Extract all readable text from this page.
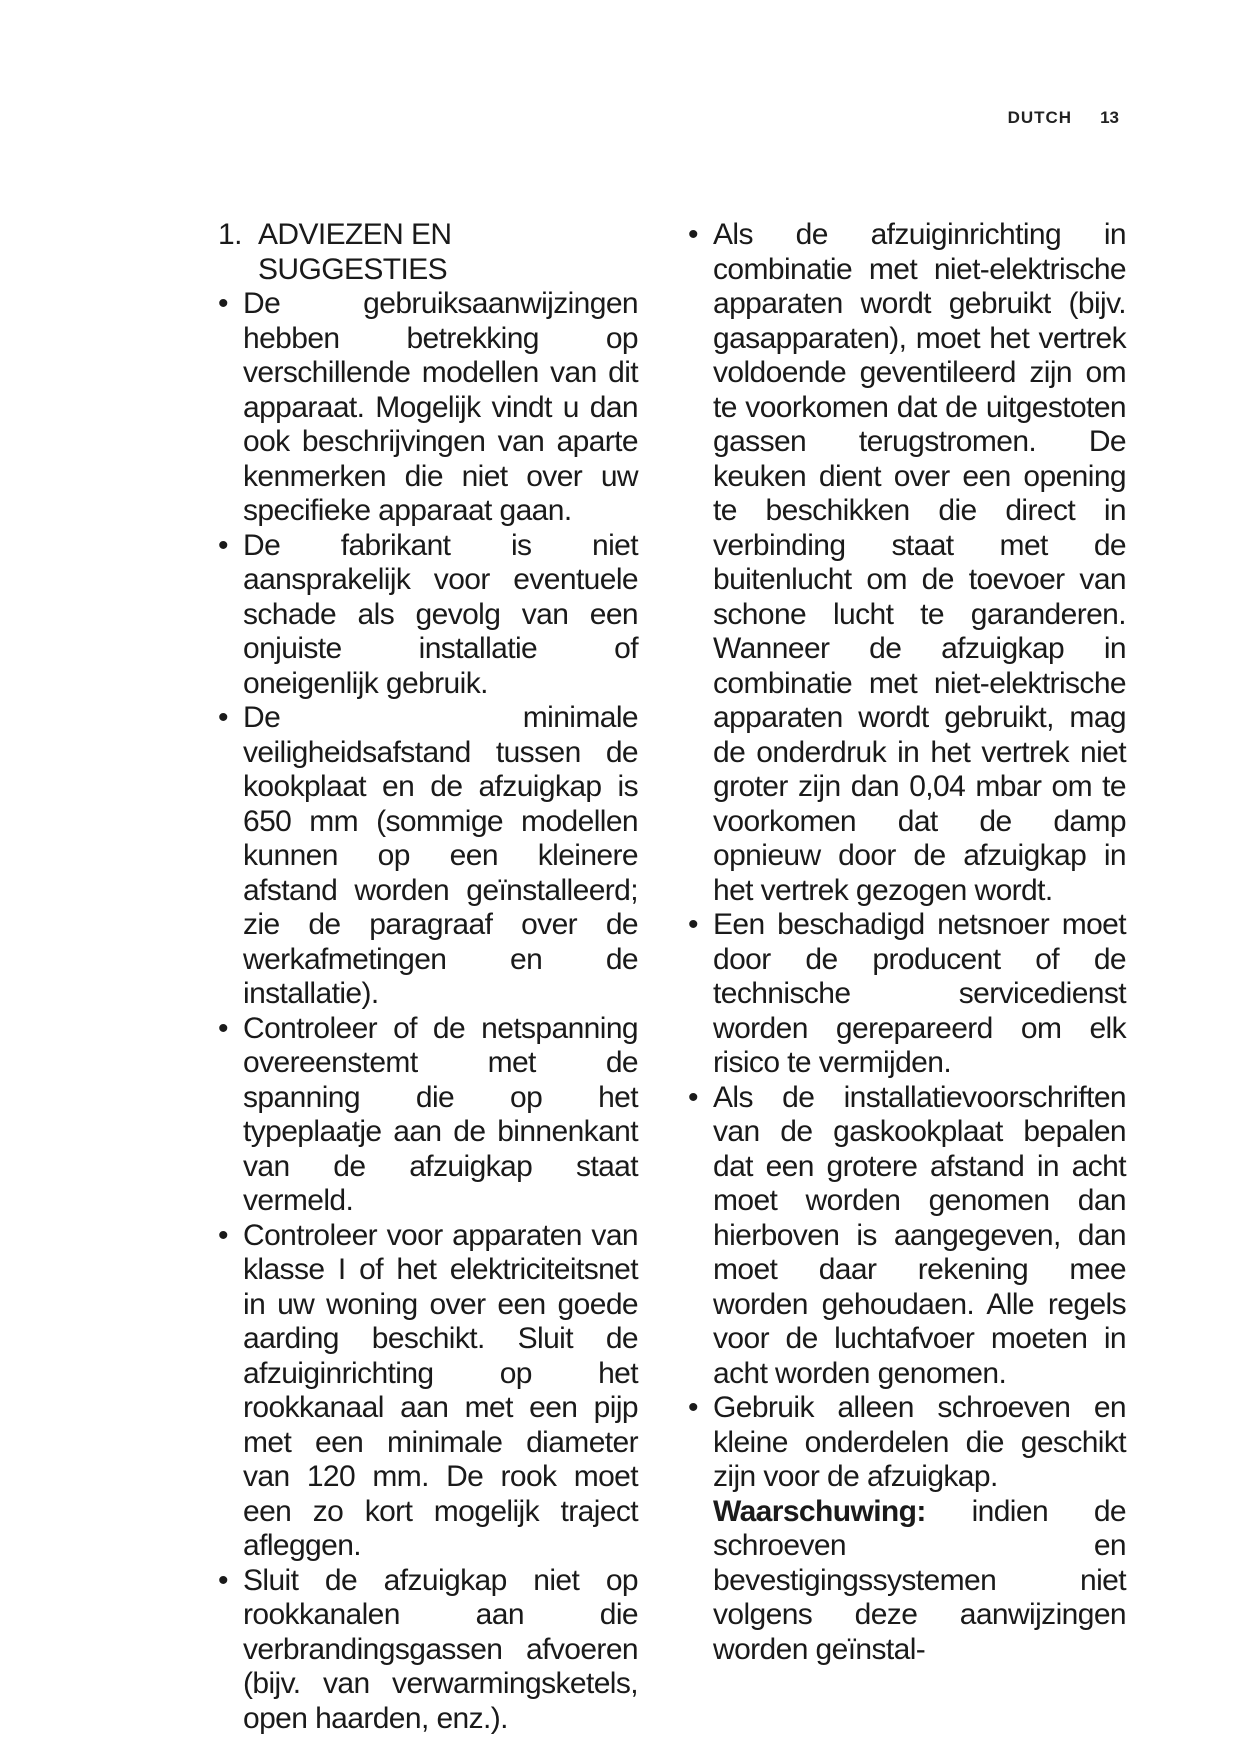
DUTCH 13
1. ADVIEZEN EN SUGGESTIES
• De gebruiksaanwijzingen hebben betrekking op verschillende modellen van dit apparaat. Mogelijk vindt u dan ook beschrijvingen van aparte kenmerken die niet over uw specifieke apparaat gaan.
• De fabrikant is niet aansprakelijk voor eventuele schade als gevolg van een onjuiste installatie of oneigenlijk gebruik.
• De minimale veiligheidsafstand tussen de kookplaat en de afzuigkap is 650 mm (sommige modellen kunnen op een kleinere afstand worden geïnstalleerd; zie de paragraaf over de werkafmetingen en de installatie).
• Controleer of de netspanning overeenstemt met de spanning die op het typeplaatje aan de binnenkant van de afzuigkap staat vermeld.
• Controleer voor apparaten van klasse I of het elektriciteitsnet in uw woning over een goede aarding beschikt. Sluit de afzuiginrichting op het rookkanaal aan met een pijp met een minimale diameter van 120 mm. De rook moet een zo kort mogelijk traject afleggen.
• Sluit de afzuigkap niet op rookkanalen aan die verbrandingsgassen afvoeren (bijv. van verwarmingsketels, open haarden, enz.).
• Als de afzuiginrichting in combinatie met niet-elektrische apparaten wordt gebruikt (bijv. gasapparaten), moet het vertrek voldoende geventileerd zijn om te voorkomen dat de uitgestoten gassen terugstromen. De keuken dient over een opening te beschikken die direct in verbinding staat met de buitenlucht om de toevoer van schone lucht te garanderen. Wanneer de afzuigkap in combinatie met niet-elektrische apparaten wordt gebruikt, mag de onderdruk in het vertrek niet groter zijn dan 0,04 mbar om te voorkomen dat de damp opnieuw door de afzuigkap in het vertrek gezogen wordt.
• Een beschadigd netsnoer moet door de producent of de technische servicedienst worden gerepareerd om elk risico te vermijden.
• Als de installatievoorschriften van de gaskookplaat bepalen dat een grotere afstand in acht moet worden genomen dan hierboven is aangegeven, dan moet daar rekening mee worden gehoudaen. Alle regels voor de luchtafvoer moeten in acht worden genomen.
• Gebruik alleen schroeven en kleine onderdelen die geschikt zijn voor de afzuigkap.
Waarschuwing: indien de schroeven en bevestigingssystemen niet volgens deze aanwijzingen worden geïnstal-
